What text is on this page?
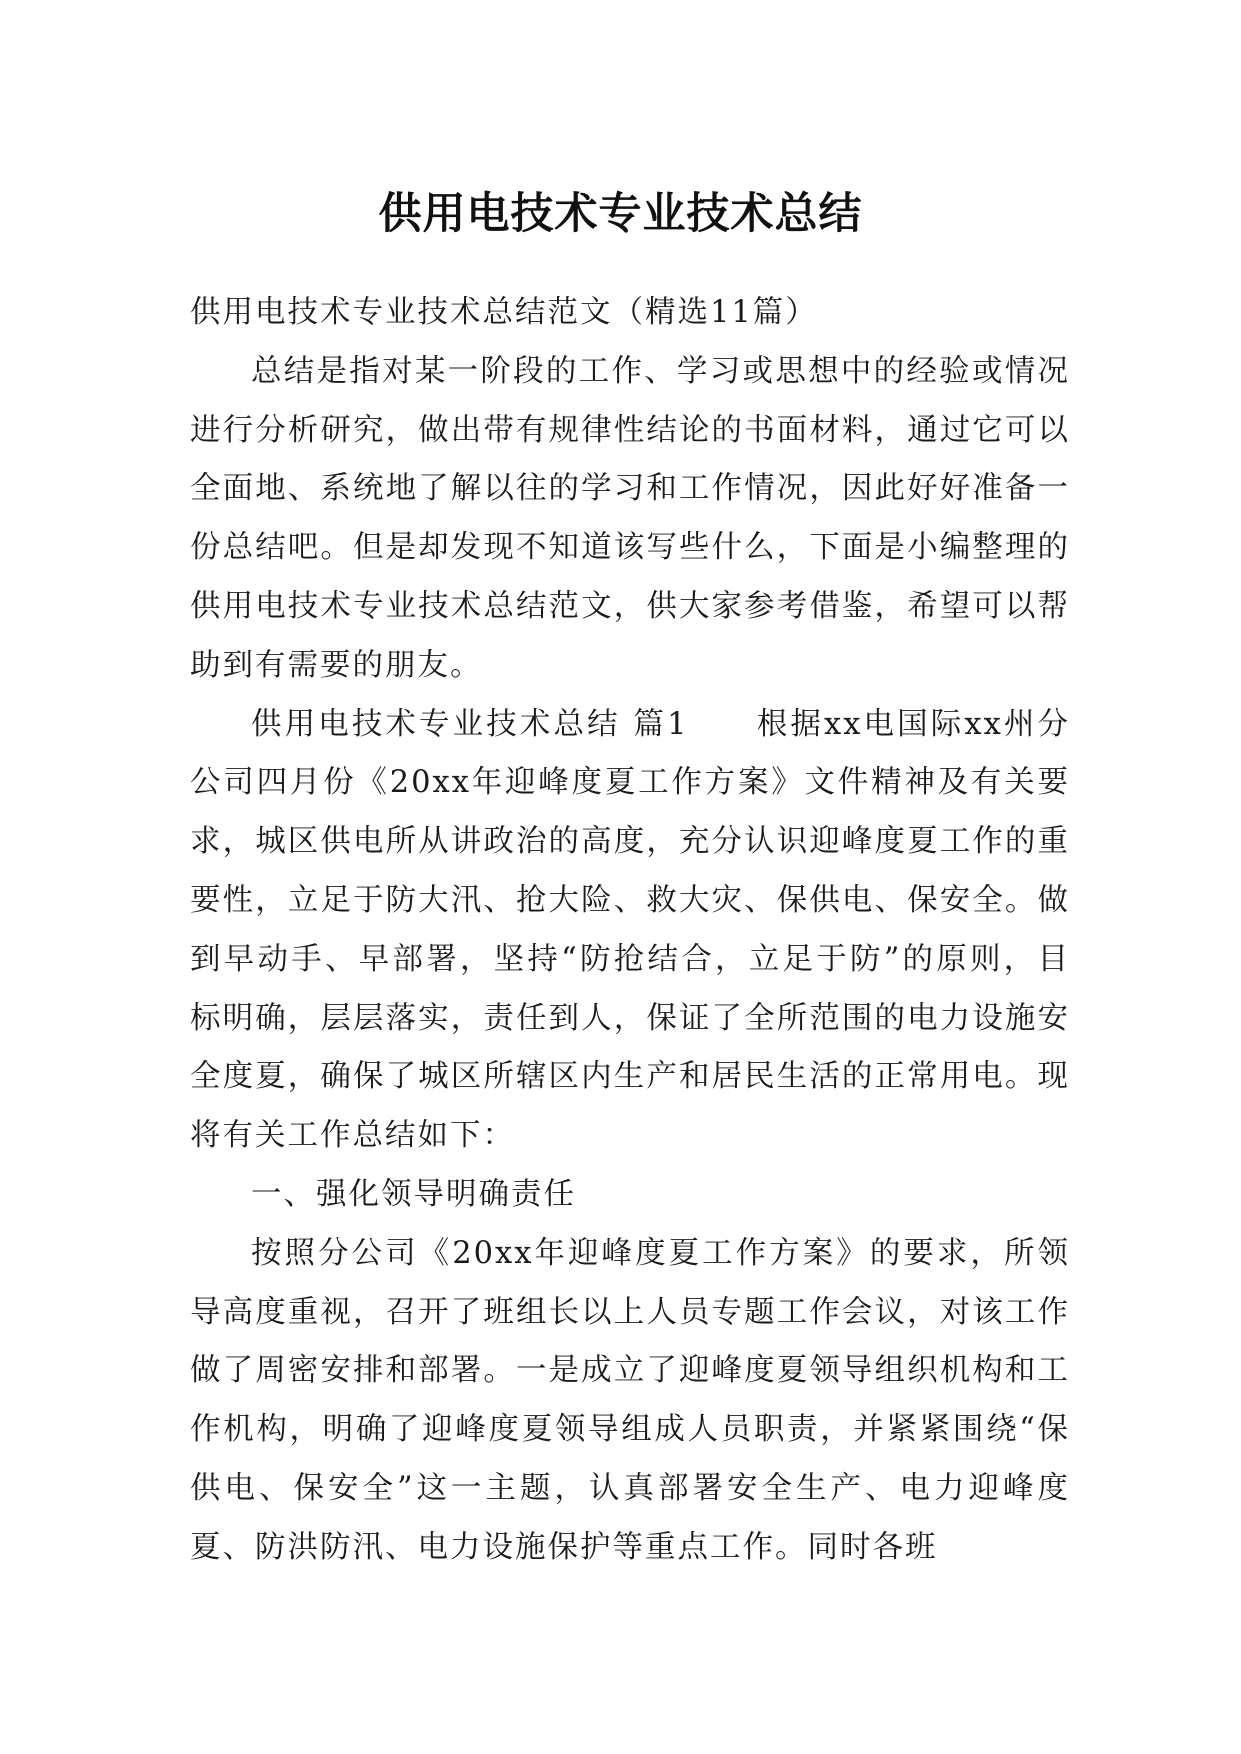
供用电技术专业技术总结

供用电技术专业技术总结范文（精选11篇）

总结是指对某一阶段的工作、学习或思想中的经验或情况进行分析研究，做出带有规律性结论的书面材料，通过它可以全面地、系统地了解以往的学习和工作情况，因此好好准备一份总结吧。但是却发现不知道该写些什么，下面是小编整理的供用电技术专业技术总结范文，供大家参考借鉴，希望可以帮助到有需要的朋友。

供用电技术专业技术总结 篇1　　根据xx电国际xx州分公司四月份《20xx年迎峰度夏工作方案》文件精神及有关要求，城区供电所从讲政治的高度，充分认识迎峰度夏工作的重要性，立足于防大汛、抢大险、救大灾、保供电、保安全。做到早动手、早部署，坚持“防抢结合，立足于防”的原则，目标明确，层层落实，责任到人，保证了全所范围的电力设施安全度夏，确保了城区所辖区内生产和居民生活的正常用电。现将有关工作总结如下：

一、强化领导明确责任

按照分公司《20xx年迎峰度夏工作方案》的要求，所领导高度重视，召开了班组长以上人员专题工作会议，对该工作做了周密安排和部署。一是成立了迎峰度夏领导组织机构和工作机构，明确了迎峰度夏领导组成人员职责，并紧紧围绕“保供电、保安全”这一主题，认真部署安全生产、电力迎峰度夏、防洪防汛、电力设施保护等重点工作。同时各班
